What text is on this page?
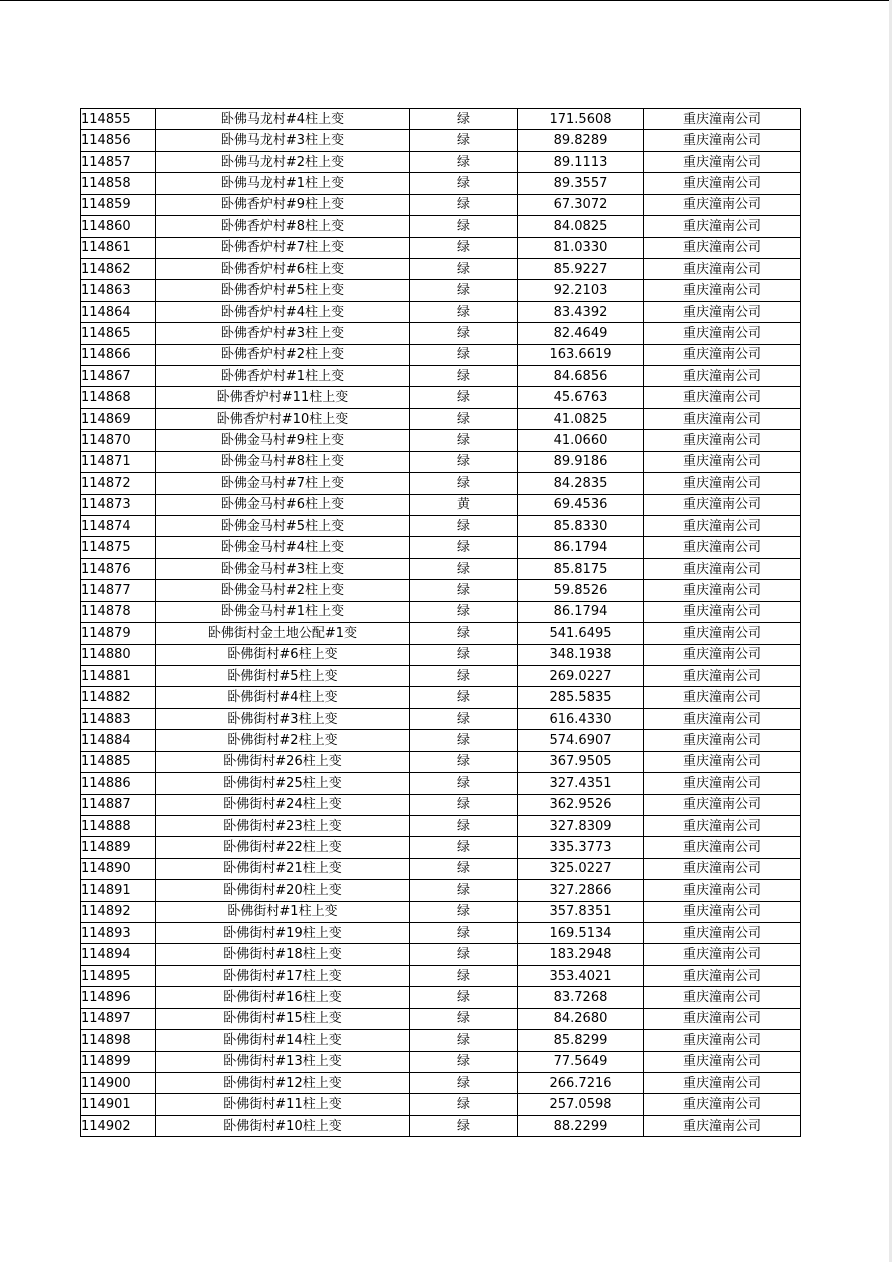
114855	卧佛马龙村#4柱上变	绿	171.5608	重庆潼南公司
114856	卧佛马龙村#3柱上变	绿	89.8289	重庆潼南公司
114857	卧佛马龙村#2柱上变	绿	89.1113	重庆潼南公司
114858	卧佛马龙村#1柱上变	绿	89.3557	重庆潼南公司
114859	卧佛香炉村#9柱上变	绿	67.3072	重庆潼南公司
114860	卧佛香炉村#8柱上变	绿	84.0825	重庆潼南公司
114861	卧佛香炉村#7柱上变	绿	81.0330	重庆潼南公司
114862	卧佛香炉村#6柱上变	绿	85.9227	重庆潼南公司
114863	卧佛香炉村#5柱上变	绿	92.2103	重庆潼南公司
114864	卧佛香炉村#4柱上变	绿	83.4392	重庆潼南公司
114865	卧佛香炉村#3柱上变	绿	82.4649	重庆潼南公司
114866	卧佛香炉村#2柱上变	绿	163.6619	重庆潼南公司
114867	卧佛香炉村#1柱上变	绿	84.6856	重庆潼南公司
114868	卧佛香炉村#11柱上变	绿	45.6763	重庆潼南公司
114869	卧佛香炉村#10柱上变	绿	41.0825	重庆潼南公司
114870	卧佛金马村#9柱上变	绿	41.0660	重庆潼南公司
114871	卧佛金马村#8柱上变	绿	89.9186	重庆潼南公司
114872	卧佛金马村#7柱上变	绿	84.2835	重庆潼南公司
114873	卧佛金马村#6柱上变	黄	69.4536	重庆潼南公司
114874	卧佛金马村#5柱上变	绿	85.8330	重庆潼南公司
114875	卧佛金马村#4柱上变	绿	86.1794	重庆潼南公司
114876	卧佛金马村#3柱上变	绿	85.8175	重庆潼南公司
114877	卧佛金马村#2柱上变	绿	59.8526	重庆潼南公司
114878	卧佛金马村#1柱上变	绿	86.1794	重庆潼南公司
114879	卧佛街村金土地公配#1变	绿	541.6495	重庆潼南公司
114880	卧佛街村#6柱上变	绿	348.1938	重庆潼南公司
114881	卧佛街村#5柱上变	绿	269.0227	重庆潼南公司
114882	卧佛街村#4柱上变	绿	285.5835	重庆潼南公司
114883	卧佛街村#3柱上变	绿	616.4330	重庆潼南公司
114884	卧佛街村#2柱上变	绿	574.6907	重庆潼南公司
114885	卧佛街村#26柱上变	绿	367.9505	重庆潼南公司
114886	卧佛街村#25柱上变	绿	327.4351	重庆潼南公司
114887	卧佛街村#24柱上变	绿	362.9526	重庆潼南公司
114888	卧佛街村#23柱上变	绿	327.8309	重庆潼南公司
114889	卧佛街村#22柱上变	绿	335.3773	重庆潼南公司
114890	卧佛街村#21柱上变	绿	325.0227	重庆潼南公司
114891	卧佛街村#20柱上变	绿	327.2866	重庆潼南公司
114892	卧佛街村#1柱上变	绿	357.8351	重庆潼南公司
114893	卧佛街村#19柱上变	绿	169.5134	重庆潼南公司
114894	卧佛街村#18柱上变	绿	183.2948	重庆潼南公司
114895	卧佛街村#17柱上变	绿	353.4021	重庆潼南公司
114896	卧佛街村#16柱上变	绿	83.7268	重庆潼南公司
114897	卧佛街村#15柱上变	绿	84.2680	重庆潼南公司
114898	卧佛街村#14柱上变	绿	85.8299	重庆潼南公司
114899	卧佛街村#13柱上变	绿	77.5649	重庆潼南公司
114900	卧佛街村#12柱上变	绿	266.7216	重庆潼南公司
114901	卧佛街村#11柱上变	绿	257.0598	重庆潼南公司
114902	卧佛街村#10柱上变	绿	88.2299	重庆潼南公司
